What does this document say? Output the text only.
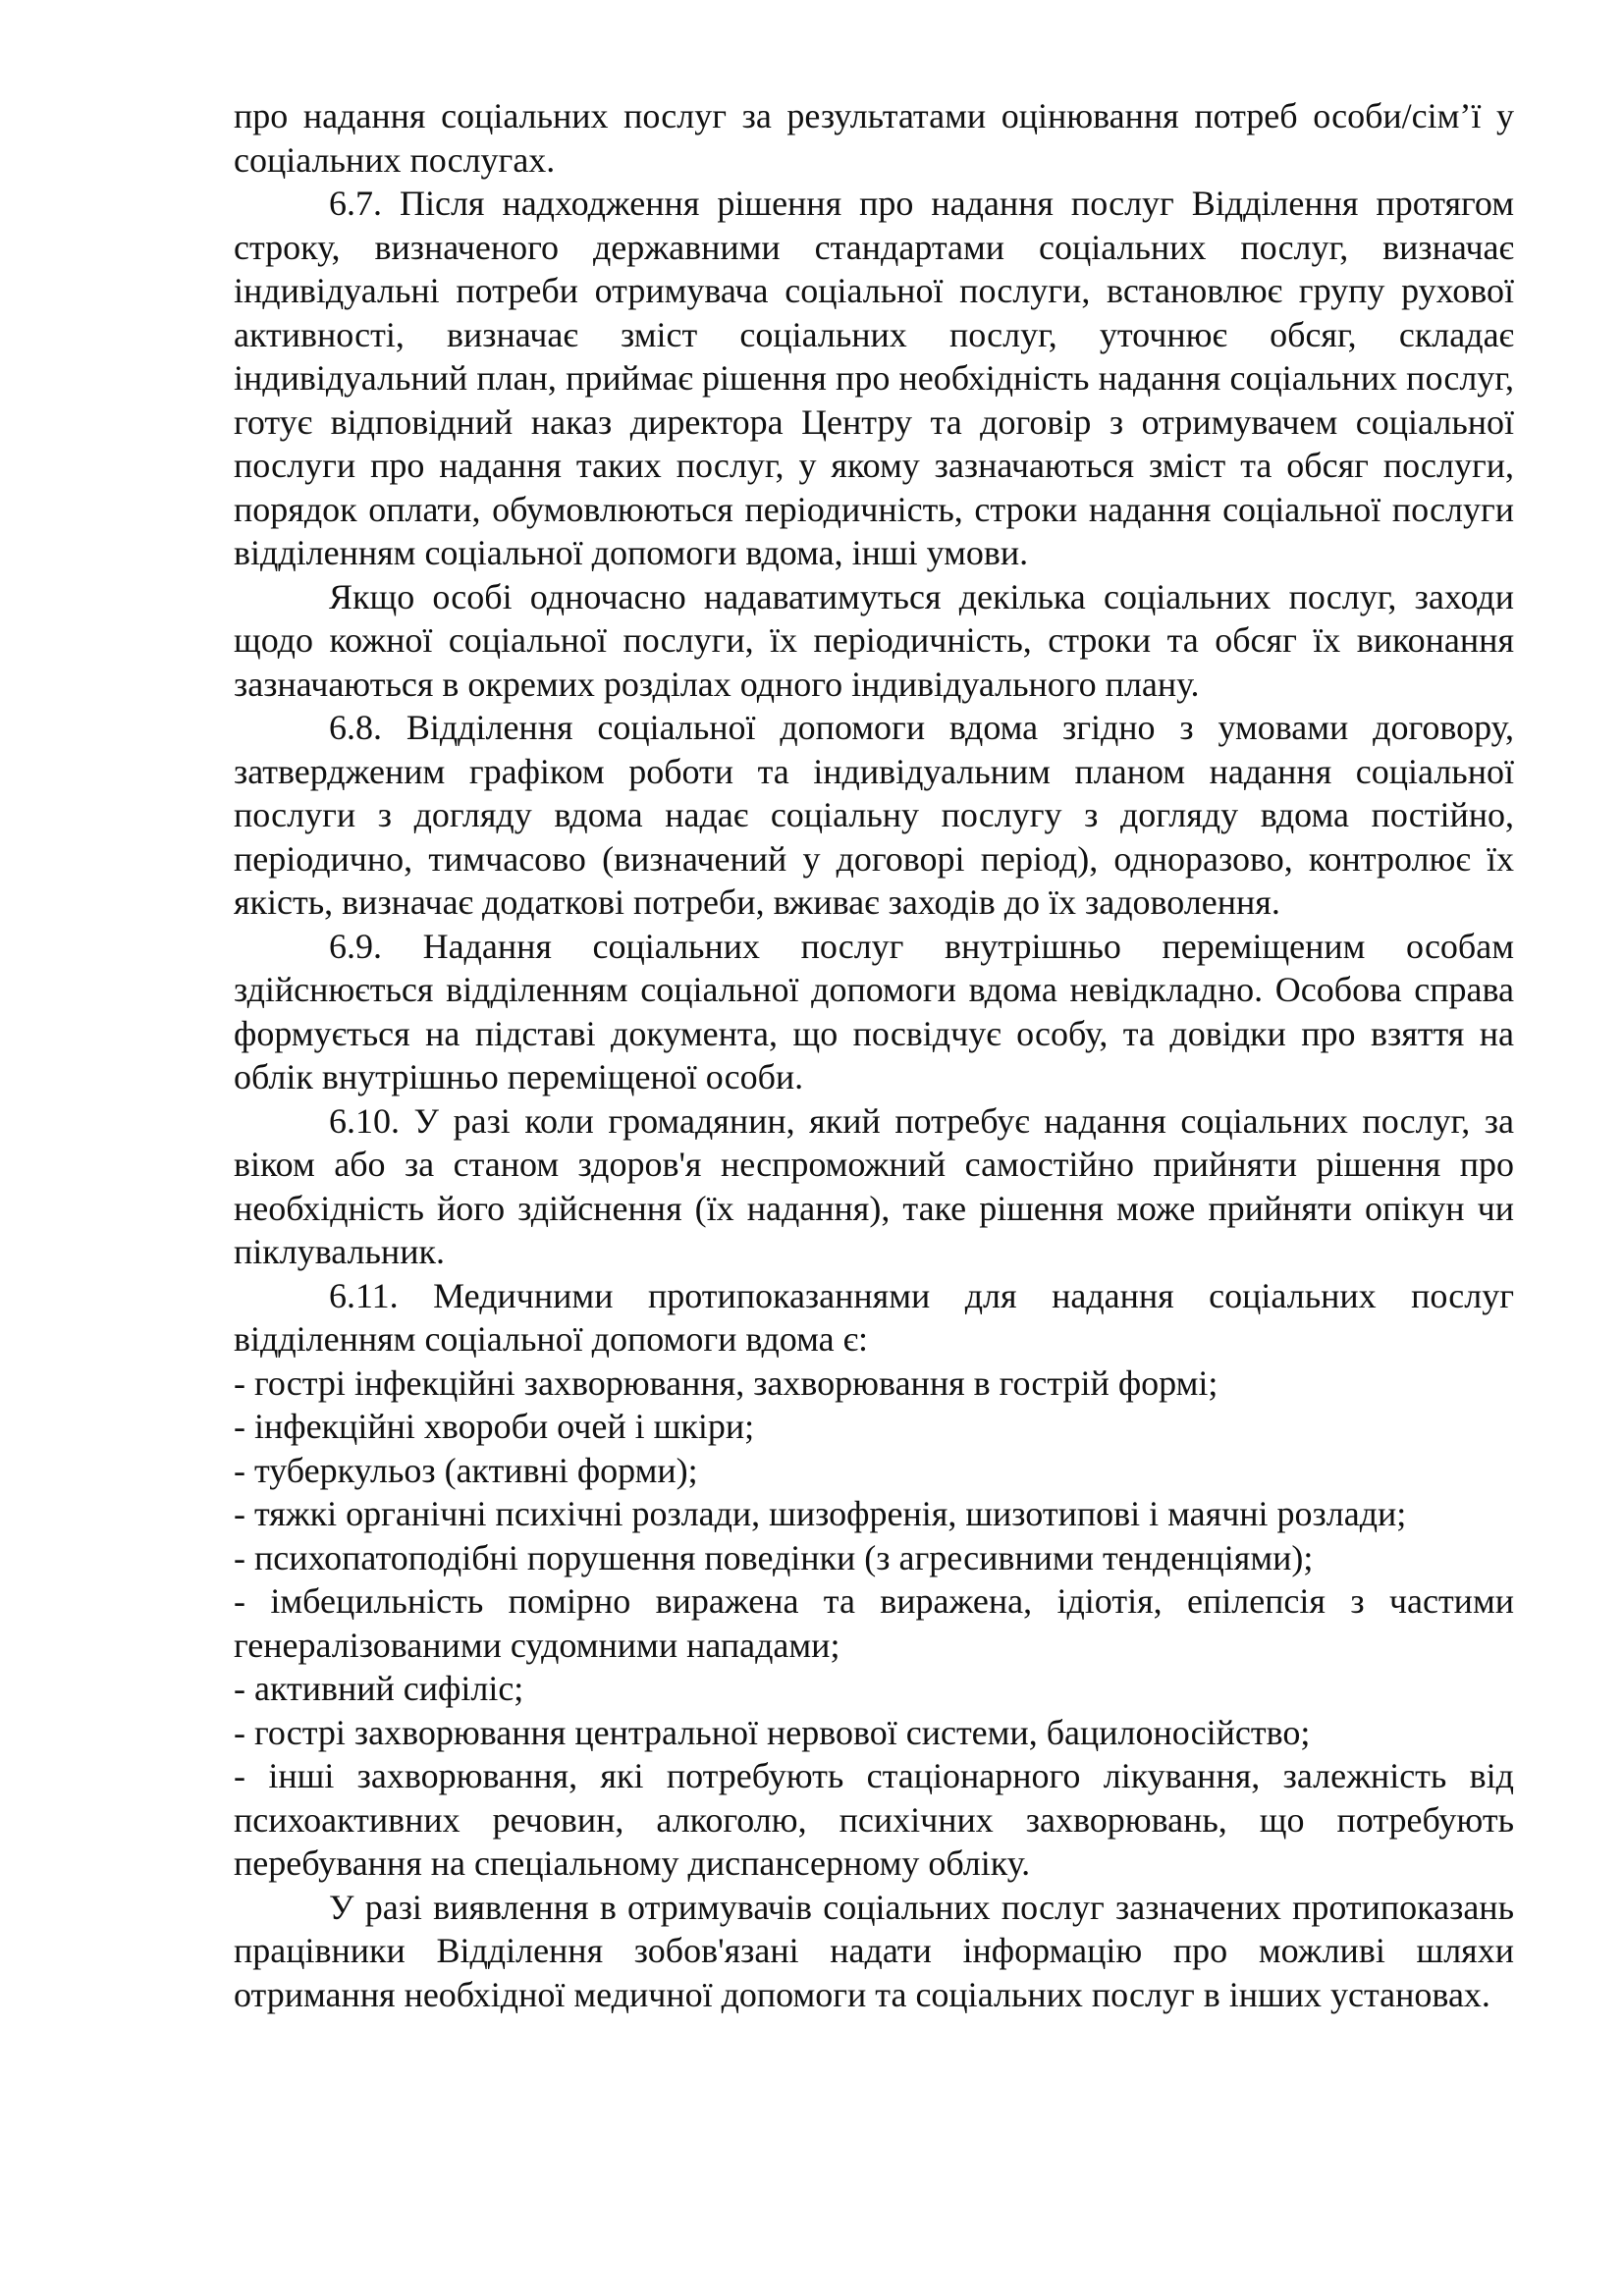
про надання соціальних послуг за результатами оцінювання потреб особи/сім’ї у соціальних послугах.

6.7. Після надходження рішення про надання послуг Відділення протягом строку, визначеного державними стандартами соціальних послуг, визначає індивідуальні потреби отримувача соціальної послуги, встановлює групу рухової активності, визначає зміст соціальних послуг, уточнює обсяг, складає індивідуальний план, приймає рішення про необхідність надання соціальних послуг, готує відповідний наказ директора Центру та договір з отримувачем соціальної послуги про надання таких послуг, у якому зазначаються зміст та обсяг послуги, порядок оплати, обумовлюються періодичність, строки надання соціальної послуги відділенням соціальної допомоги вдома, інші умови.

Якщо особі одночасно надаватимуться декілька соціальних послуг, заходи щодо кожної соціальної послуги, їх періодичність, строки та обсяг їх виконання зазначаються в окремих розділах одного індивідуального плану.

6.8. Відділення соціальної допомоги вдома згідно з умовами договору, затвердженим графіком роботи та індивідуальним планом надання соціальної послуги з догляду вдома надає соціальну послугу з догляду вдома постійно, періодично, тимчасово (визначений у договорі період), одноразово, контролює їх якість, визначає додаткові потреби, вживає заходів до їх задоволення.

6.9. Надання соціальних послуг внутрішньо переміщеним особам здійснюється відділенням соціальної допомоги вдома невідкладно. Особова справа формується на підставі документа, що посвідчує особу, та довідки про взяття на облік внутрішньо переміщеної особи.

6.10. У разі коли громадянин, який потребує надання соціальних послуг, за віком або за станом здоров'я неспроможний самостійно прийняти рішення про необхідність його здійснення (їх надання), таке рішення може прийняти опікун чи піклувальник.

6.11. Медичними протипоказаннями для надання соціальних послуг відділенням соціальної допомоги вдома є:

- гострі інфекційні захворювання, захворювання в гострій формі;

- інфекційні хвороби очей і шкіри;

- туберкульоз (активні форми);

- тяжкі органічні психічні розлади, шизофренія, шизотипові і маячні розлади;

- психопатоподібні порушення поведінки (з агресивними тенденціями);

- імбецильність помірно виражена та виражена, ідіотія, епілепсія з частими генералізованими судомними нападами;

- активний сифіліс;

- гострі захворювання центральної нервової системи, бацилоносійство;

- інші захворювання, які потребують стаціонарного лікування, залежність від психоактивних речовин, алкоголю, психічних захворювань, що потребують перебування на спеціальному диспансерному обліку.

У разі виявлення в отримувачів соціальних послуг зазначених протипоказань працівники Відділення зобов'язані надати інформацію про можливі шляхи отримання необхідної медичної допомоги та соціальних послуг в інших установах.
